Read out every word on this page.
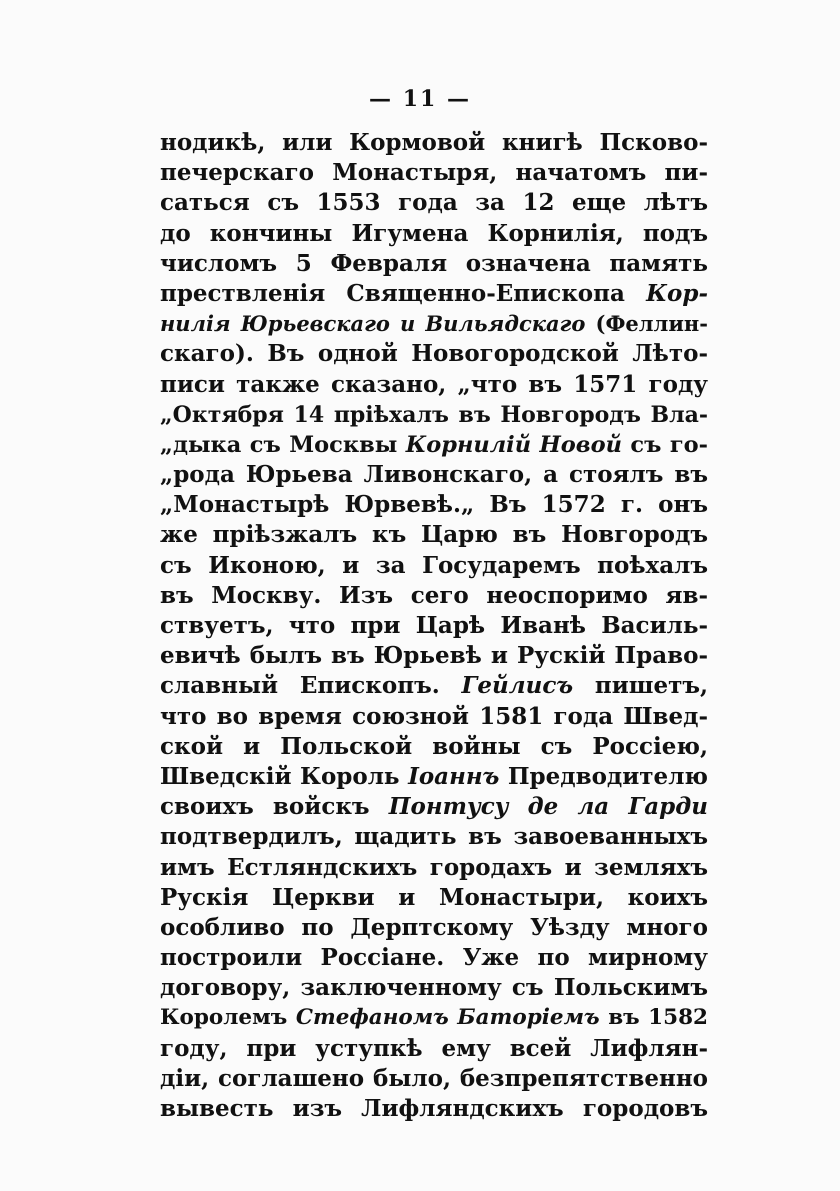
— 11 —
нодикѣ, или Кормовой книгѣ Псково-
печерскаго Монастыря, начатомъ пи-
саться съ 1553 года за 12 еще лѣтъ
до кончины Игумена Корнилія, подъ
числомъ 5 Февраля означена память
прествленія Священно-Епископа Кор-
нилія Юрьевскаго и Вильядскаго (Феллин-
скаго). Въ одной Новогородской Лѣто-
писи также сказано, „что въ 1571 году
„Октября 14 пріѣхалъ въ Новгородъ Вла-
„дыка съ Москвы Корнилій Новой съ го-
„рода Юрьева Ливонскаго, а стоялъ въ
„Монастырѣ Юрвевѣ.„ Въ 1572 г. онъ
же пріѣзжалъ къ Царю въ Новгородъ
съ Иконою, и за Государемъ поѣхалъ
въ Москву. Изъ сего неоспоримо яв-
ствуетъ, что при Царѣ Иванѣ Василь-
евичѣ былъ въ Юрьевѣ и Рускій Право-
славный Епископъ. Гейлисъ пишетъ,
что во время союзной 1581 года Швед-
ской и Польской войны съ Россіею,
Шведскій Король Іоаннъ Предводителю
своихъ войскъ Понтусу де ла Гарди
подтвердилъ, щадить въ завоеванныхъ
имъ Естляндскихъ городахъ и земляхъ
Рускія Церкви и Монастыри, коихъ
особливо по Дерптскому Уѣзду много
построили Россіане. Уже по мирному
договору, заключенному съ Польскимъ
Королемъ Стефаномъ Баторіемъ въ 1582
году, при уступкѣ ему всей Лифлян-
діи, соглашено было, безпрепятственно
вывесть изъ Лифляндскихъ городовъ
